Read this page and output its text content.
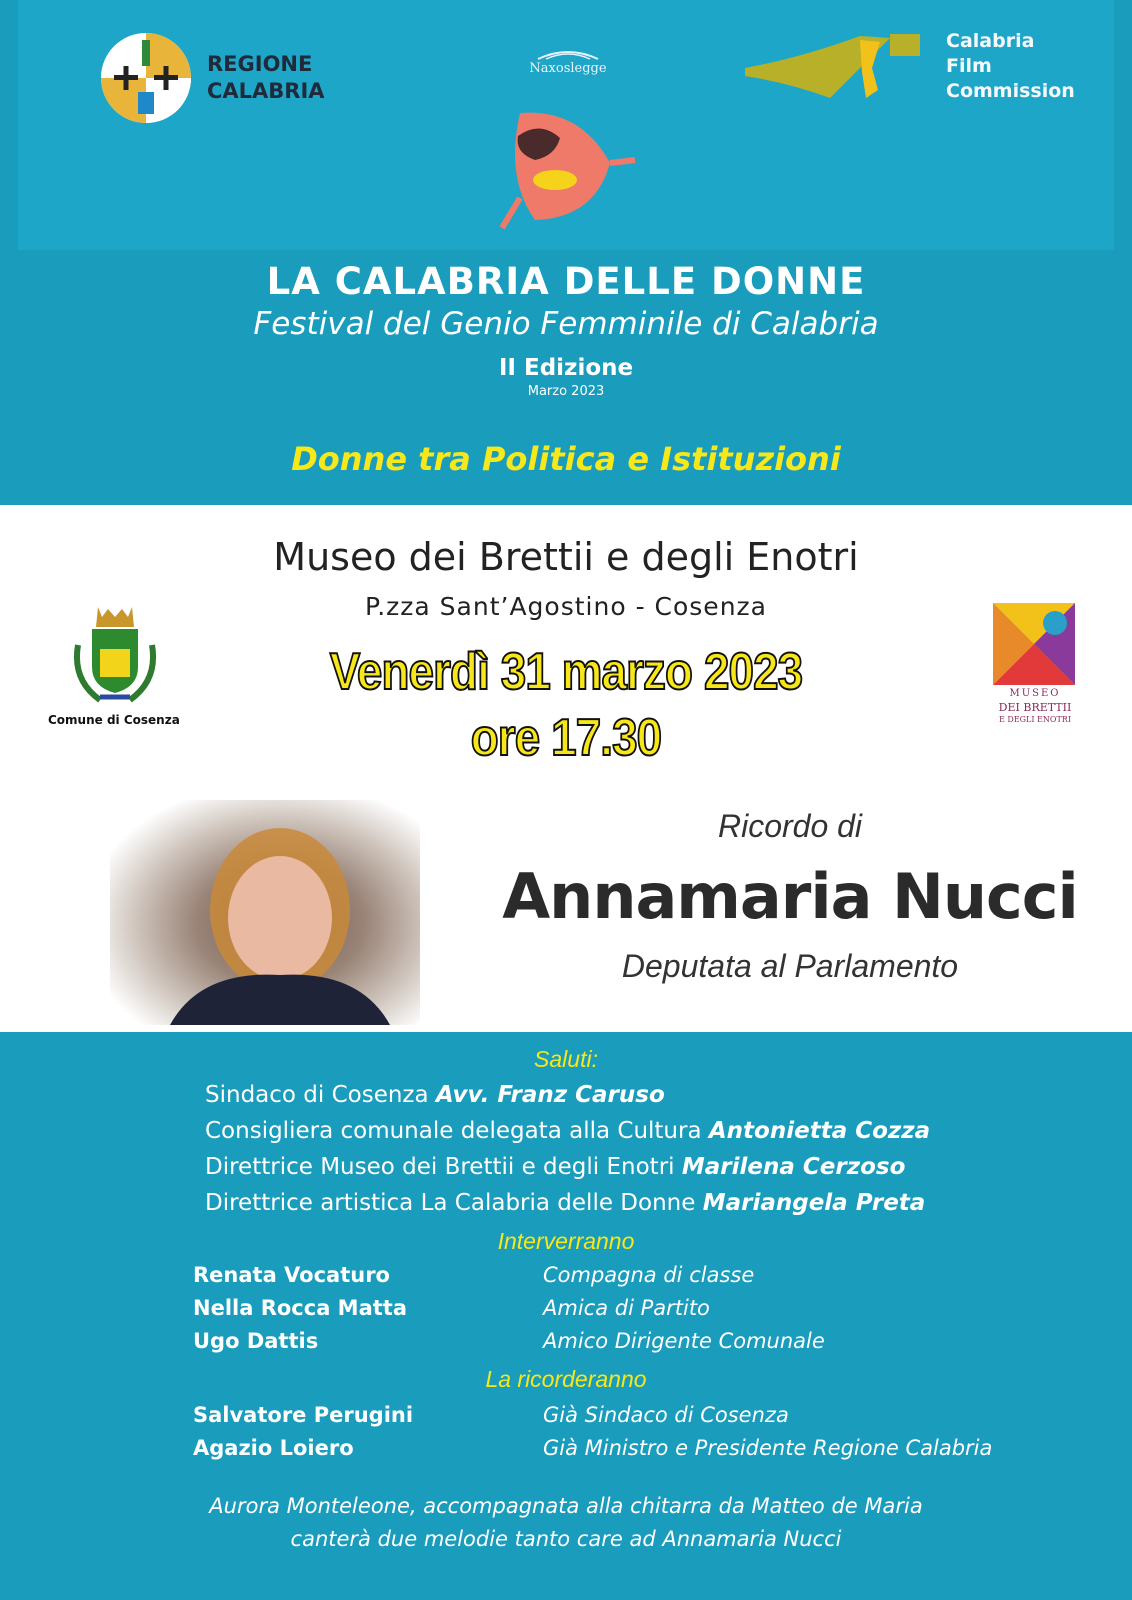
REGIONE
CALABRIA
Naxoslegge
Calabria
Film
Commission
LA CALABRIA DELLE DONNE
Festival del Genio Femminile di Calabria
II Edizione
Marzo 2023
Donne tra Politica e Istituzioni
Museo dei Brettii e degli Enotri
P.zza Sant’Agostino - Cosenza
Venerdì 31 marzo 2023
ore 17.30
Comune di Cosenza
MUSEO
DEI BRETTII
E DEGLI ENOTRI
Ricordo di
Annamaria Nucci
Deputata al Parlamento
Saluti:
Sindaco di Cosenza Avv. Franz Caruso
Consigliera comunale delegata alla Cultura Antonietta Cozza
Direttrice Museo dei Brettii e degli Enotri Marilena Cerzoso
Direttrice artistica La Calabria delle Donne Mariangela Preta
Interverranno
Renata Vocaturo	Compagna di classe
Nella Rocca Matta	Amica di Partito
Ugo Dattis	Amico Dirigente Comunale
La ricorderanno
Salvatore Perugini	Già Sindaco di Cosenza
Agazio Loiero	Già Ministro e Presidente Regione Calabria
Aurora Monteleone, accompagnata alla chitarra da Matteo de Maria
canterà due melodie tanto care ad Annamaria Nucci
